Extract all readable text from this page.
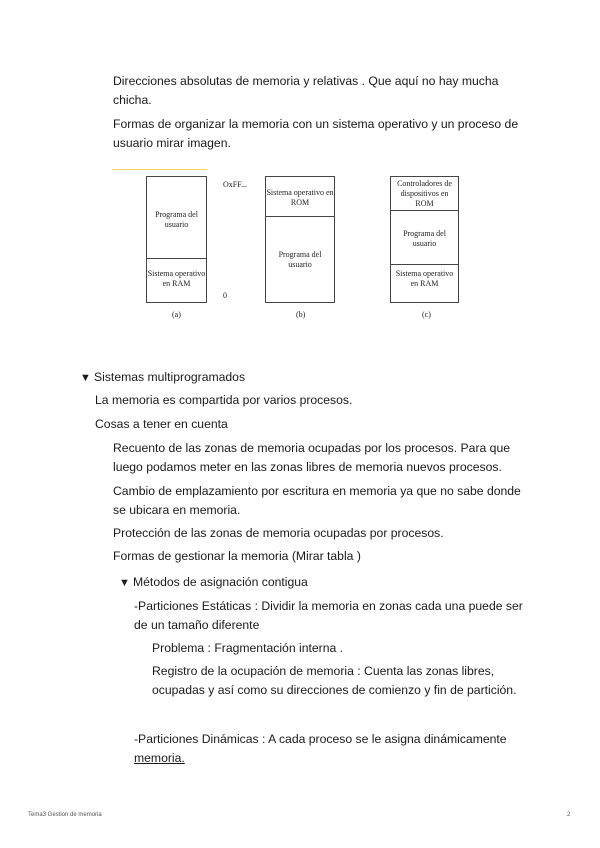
Direcciones absolutas de memoria y relativas . Que aquí no hay mucha chicha.

Formas de organizar la memoria con un sistema operativo y un proceso de usuario mirar imagen.

Programa del usuario
Sistema operativo en RAM
OxFF...
0
(a)
Sistema operativo en ROM
Programa del usuario
(b)
Controladores de dispositivos en ROM
Programa del usuario
Sistema operativo en RAM
(c)

▼ Sistemas multiprogramados

La memoria es compartida por varios procesos.

Cosas a tener en cuenta

Recuento de las zonas de memoria ocupadas por los procesos. Para que luego podamos meter en las zonas libres de memoria nuevos procesos.

Cambio de emplazamiento por escritura en memoria ya que no sabe donde se ubicara en memoria.

Protección de las zonas de memoria ocupadas por procesos.

Formas de gestionar la memoria (Mirar tabla )

▼ Métodos de asignación contigua

-Particiones Estáticas : Dividir la memoria en zonas cada una puede ser de un tamaño diferente

Problema : Fragmentación interna .

Registro de la ocupación de memoria : Cuenta las zonas libres, ocupadas y así como su direcciones de comienzo y fin de partición.

-Particiones Dinámicas : A cada proceso se le asigna dinámicamente
memoria.

Tema3 Gestion de memoria	2
